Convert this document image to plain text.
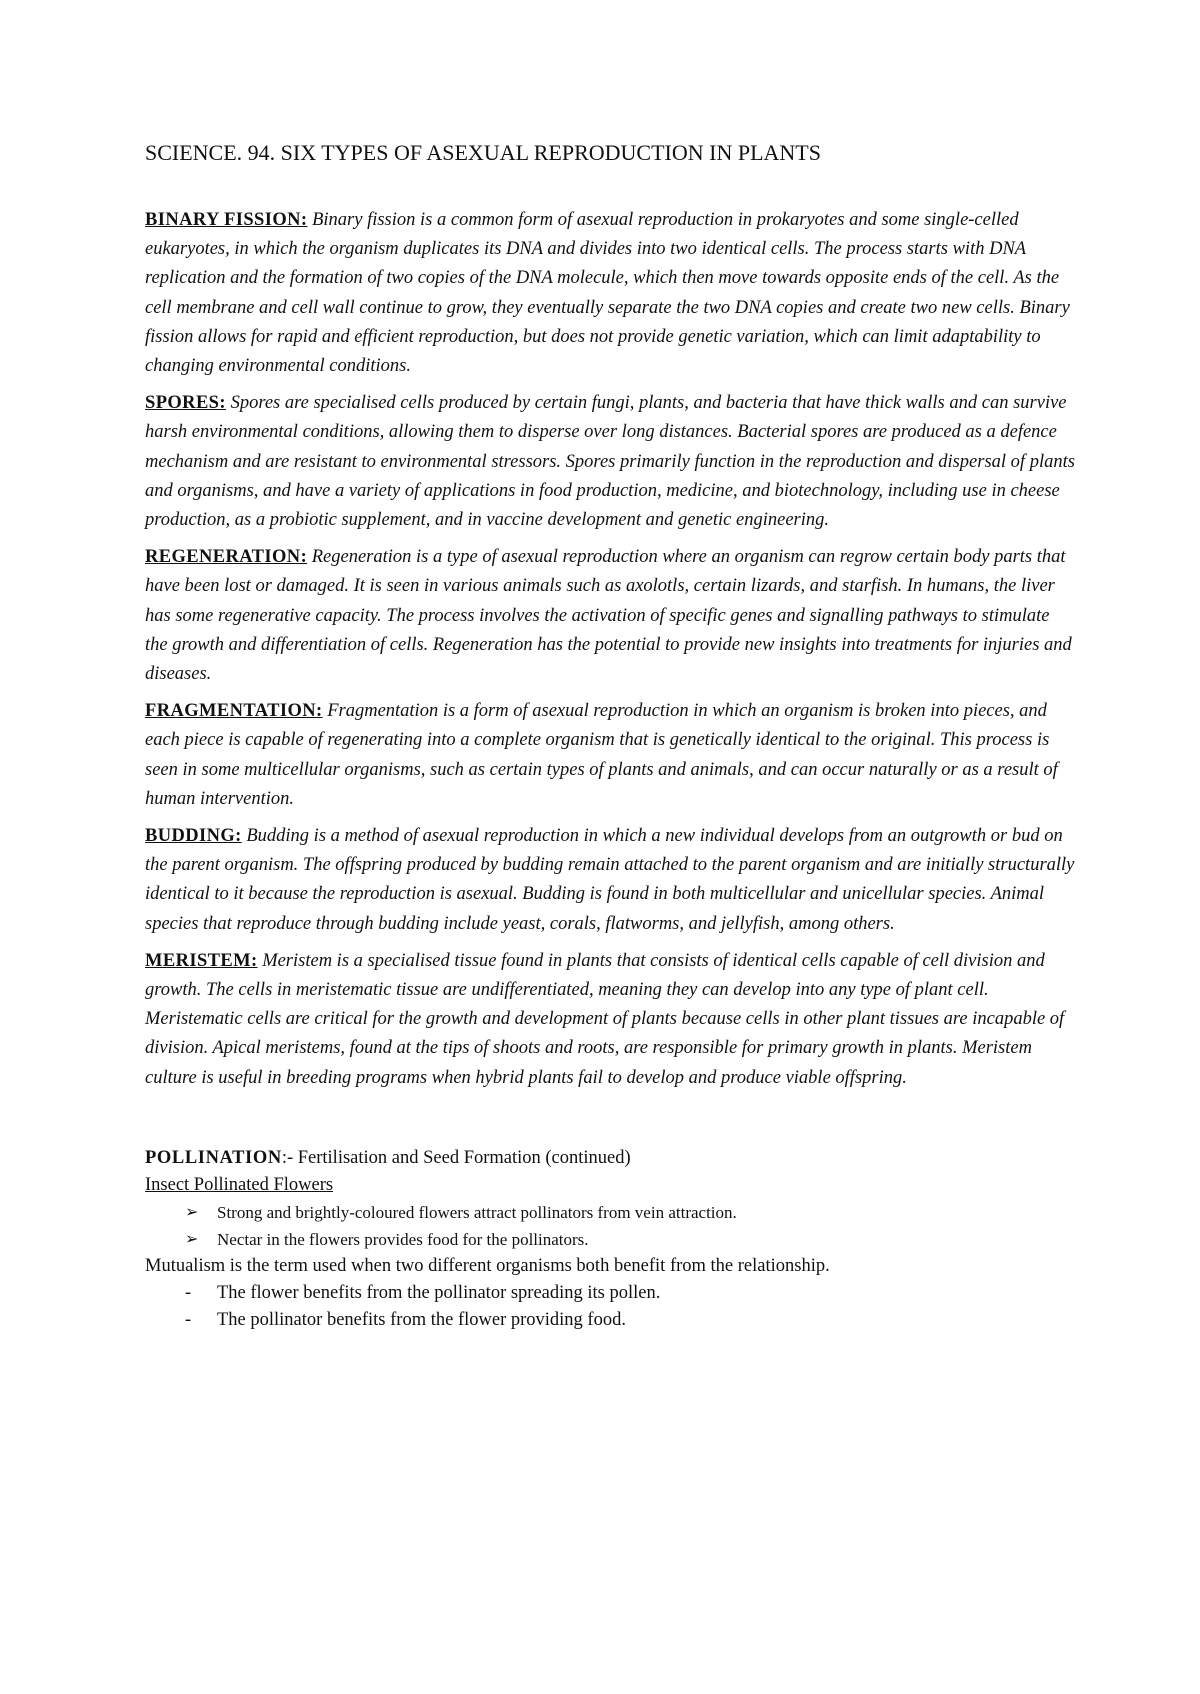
SCIENCE. 94. SIX TYPES OF ASEXUAL REPRODUCTION IN PLANTS

BINARY FISSION: Binary fission is a common form of asexual reproduction in prokaryotes and some single-celled eukaryotes, in which the organism duplicates its DNA and divides into two identical cells. The process starts with DNA replication and the formation of two copies of the DNA molecule, which then move towards opposite ends of the cell. As the cell membrane and cell wall continue to grow, they eventually separate the two DNA copies and create two new cells. Binary fission allows for rapid and efficient reproduction, but does not provide genetic variation, which can limit adaptability to changing environmental conditions.

SPORES: Spores are specialised cells produced by certain fungi, plants, and bacteria that have thick walls and can survive harsh environmental conditions, allowing them to disperse over long distances. Bacterial spores are produced as a defence mechanism and are resistant to environmental stressors. Spores primarily function in the reproduction and dispersal of plants and organisms, and have a variety of applications in food production, medicine, and biotechnology, including use in cheese production, as a probiotic supplement, and in vaccine development and genetic engineering.

REGENERATION: Regeneration is a type of asexual reproduction where an organism can regrow certain body parts that have been lost or damaged. It is seen in various animals such as axolotls, certain lizards, and starfish. In humans, the liver has some regenerative capacity. The process involves the activation of specific genes and signalling pathways to stimulate the growth and differentiation of cells. Regeneration has the potential to provide new insights into treatments for injuries and diseases.

FRAGMENTATION: Fragmentation is a form of asexual reproduction in which an organism is broken into pieces, and each piece is capable of regenerating into a complete organism that is genetically identical to the original. This process is seen in some multicellular organisms, such as certain types of plants and animals, and can occur naturally or as a result of human intervention.

BUDDING: Budding is a method of asexual reproduction in which a new individual develops from an outgrowth or bud on the parent organism. The offspring produced by budding remain attached to the parent organism and are initially structurally identical to it because the reproduction is asexual. Budding is found in both multicellular and unicellular species. Animal species that reproduce through budding include yeast, corals, flatworms, and jellyfish, among others.

MERISTEM: Meristem is a specialised tissue found in plants that consists of identical cells capable of cell division and growth. The cells in meristematic tissue are undifferentiated, meaning they can develop into any type of plant cell. Meristematic cells are critical for the growth and development of plants because cells in other plant tissues are incapable of division. Apical meristems, found at the tips of shoots and roots, are responsible for primary growth in plants. Meristem culture is useful in breeding programs when hybrid plants fail to develop and produce viable offspring.

POLLINATION:- Fertilisation and Seed Formation (continued)
Insect Pollinated Flowers
➢ Strong and brightly-coloured flowers attract pollinators from vein attraction.
➢ Nectar in the flowers provides food for the pollinators.
Mutualism is the term used when two different organisms both benefit from the relationship.
- The flower benefits from the pollinator spreading its pollen.
- The pollinator benefits from the flower providing food.
